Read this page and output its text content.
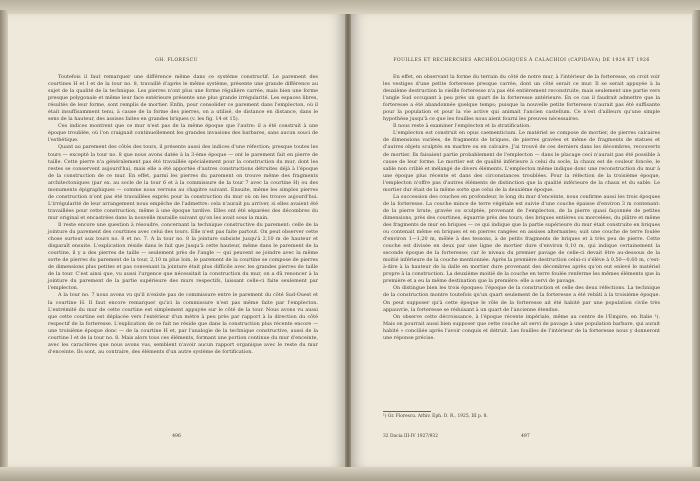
GH. FLORESCU

Toutefois il faut remarquer une différence même dans ce système constructif. Le parement des courtines H et I et de la tour no. 8, travaillé d'après le même système, présente une grande différence au sujet de la qualité de la technique. Les pierres n'ont plus une forme régulière carrée, mais bien une forme presque polygonale et même leur face extérieure présente une plus grande irrégularité. Les espaces libres, résultés de leur forme, sont remplis de mortier. Enfin, pour consolider ce parement dans l'emplecton, où il était insuffisamment tenu, à cause de la forme des pierres, on a utilisé, de distance en distance, dans le sens de la hauteur, des assises faites en grandes briques (v. les fig. 14 et 15).

Ces indices montrent que ce mur n'est pas de la même époque que l'autre: il a été construit à une époque troublée, où l'on craignait continuellement les grandes invasions des barbares, sans aucun souci de l'esthétique.

Quant au parement des côtés des tours, il présente aussi des indices d'une réfection; presque toutes les tours — excepté la tour no. 8 que nous avons datée à la 3-ème époque — ont le parement fait en pierre de taille. Cette pierre n'a généralement pas été travaillée spécialement pour la construction du mur, dont les restes se conservent aujourd'hui, mais elle a été apportée d'autres constructions détruites déjà à l'époque de la construction de ce mur. En effet, parmi les pierres du parement on trouve même des fragments architectoniques (par ex. au socle de la tour 6 et à la commissure de la tour 7 avec la courtine H) ou des monuments épigraphiques — comme nous verrons au chapitre suivant. Ensuite, même les simples pierres de construction n'ont pas été travaillées exprès pour la construction du mur où on les trouve aujourd'hui. L'irrégularité de leur arrangement nous empêche de l'admettre: cela n'aurait pu arriver, si elles avaient été travaillées pour cette construction, même à une époque tardive. Elles ont été séparées des décombres du mur original et encastrées dans la nouvelle muraille suivant qu'on les avait sous la main.

Il reste encore une question à résoudre, concernant la technique constructive du parement: celle de la jointure du parement des courtines avec celui des tours. Elle n'est pas faite partout. On peut observer cette chose surtout aux tours no. 8 et no. 7. A la tour no. 8 la jointure subsiste jusqu'à 2,10 m de hauteur et disparaît ensuite. L'explication réside dans le fait que jusqu'à cette hauteur, même dans le parement de la courtine, il y a des pierres de taille — seulement près de l'angle — qui peuvent se joindre avec la même sorte de pierres du parement de la tour, 2,10 m plus loin, le parement de la courtine se compose de pierres de dimensions plus petites et pas convenant la jointure était plus difficile avec les grandes pierres de taille de la tour. C'est ainsi que, vu aussi l'urgence que nécessitait la construction du mur, on a dû renoncer à la jointure du parement de la partie supérieure des murs respectifs, laissant celle-ci faite seulement par l'emplecton.

A la tour no. 7 nous avons vu qu'il n'existe pas de commissure entre le parement du côté Sud-Ouest et la courtine H. Il faut encore remarquer qu'ici la commissure n'est pas même faite par l'emplecton. L'extrémité du mur de cette courtine est simplement appuyée sur le côté de la tour. Nous avons vu aussi que cette courtine est déplacée vers l'extérieur d'un mètre à peu près par rapport à la direction du côté respectif de la forteresse. L'explication de ce fait ne réside que dans la construction plus récente encore — une troisième époque donc — de la courtine H et, par l'analogie de la technique constructive, aussi de la courtine I et de la tour no. 8. Mais alors tous ces éléments, formant une portion continue du mur d'enceinte, avec les caractères que nous avons vus, semblent n'avoir aucun rapport organique avec le reste du mur d'enceinte. Ils sont, au contraire, des éléments d'un autre système de fortification.

496
FOUILLES ET RECHERCHES ARCHÉOLOGIQUES À CALACHIOI (CAPIDAVA) DE 1924 ET 1926

En effet, en observant la forme du terrain du côté de notre mur, à l'intérieur de la forteresse, on croit voir les vestiges d'une petite forteresse presque carrée, dont un côté serait ce mur. Il se serait appuyée à la deuxième destruction la vieille forteresse n'a pas été entièrement reconstruite, mais seulement une partie vers l'angle Sud occupant à peu près un quart de la forteresse antérieure. En ce cas il faudrait admettre que la forteresse a été abandonnée quelque temps; puisque la nouvelle petite forteresse n'aurait pas été suffisante pour la population et pour la vie active qui animait l'ancien castellum. Ce n'est d'ailleurs qu'une simple hypothèse jusqu'à ce que les fouilles nous aient fourni les preuves nécessaires.

Il nous reste à examiner l'emplecton et la stratification.

L'emplecton est construit en opus caementicium. Le matériel se compose de mortier, de pierres calcaires de dimensions variées, de fragments de briques, de pierres gravées et même de fragments de statues et d'autres objets sculptés en marbre ou en calcaire. J'ai trouvé de ces derniers dans les décombres, recouverts de mortier. Ils faisaient partie probablement de l'emplecton — dans le placage ceci n'aurait pas été possible à cause de leur forme. Le mortier est de qualité inférieure à celui du socle, la chaux est de couleur foncée, le sable non criblé et mélangé de divers éléments. L'emplecton même indique donc une reconstruction du mur à une époque plus récente et dans des circonstances troublées. Pour la réfection de la troisième époque, l'emplecton n'offre pas d'autres éléments de distinction que la qualité inférieure de la chaux et du sable. Le mortier dur était de la même sorte que celui de la deuxième époque.

La succession des couches en profondeur, le long du mur d'enceinte, nous confirme aussi les trois époques de la forteresse. La couche mince de terre végétale est suivie d'une couche épaisse d'environ 3 m contenant: de la pierre brute, gravée ou sculptée, provenant de l'emplecton, de la pierre quasi façonnée de petites dimensions, près des courtines, équarrie près des tours, des briques entières ou morcelées, du plâtre et même des fragments de mur en briques — ce qui indique que la partie supérieure du mur était construite en briques ou contenait même en briques et en pierres rangées en assises alternantes; suit une couche de terre foulée d'environ 1—1,20 m, mêlée à des tessons, à de petits fragments de briques et à très peu de pierre. Cette couche est divisée en deux par une ligne de mortier dure d'environ 0,10 m, qui indique certainement la seconde époque de la forteresse; car le niveau du premier pavage de celle-ci devait être au-dessous de la moitié inférieure de la couche mentionnée. Après la première destruction celui-ci s'élève à 0,50—0,60 m, c'est-à-dire à la hauteur de la dalle en mortier dure provenant des décombres après qu'on eut enlevé le matériel propre à la construction. La deuxième moitié de la couche en terre foulée renferme les mêmes éléments que la première et a eu la même destination que la première: elle a servi de pavage.

On distingue bien les trois époques: l'époque de la construction et celle des deux réfections. La technique de la construction montre toutefois qu'un quart seulement de la forteresse a été rebâti à la troisième époque. On peut supposer qu'à cette époque le rôle de la forteresse ait été habité par une population civile très appauvrie, la forteresse se réduisant à un quart de l'ancienne étendue.

On observe cette décroissance, à l'époque récente impériale, même au centre de l'Empire, en Italie ¹). Mais on pourrait aussi bien supposer que cette couche ait servi de pavage à une population barbare, qui aurait habité » conciliée après l'avoir conquis et détruit. Les fouilles de l'intérieur de la forteresse nous y donneront une réponse précise.

¹) Gr. Florescu. Arhiv. Eph. D. R., 1925, III p. 8.
32 Dacia III-IV 1927/932	497
